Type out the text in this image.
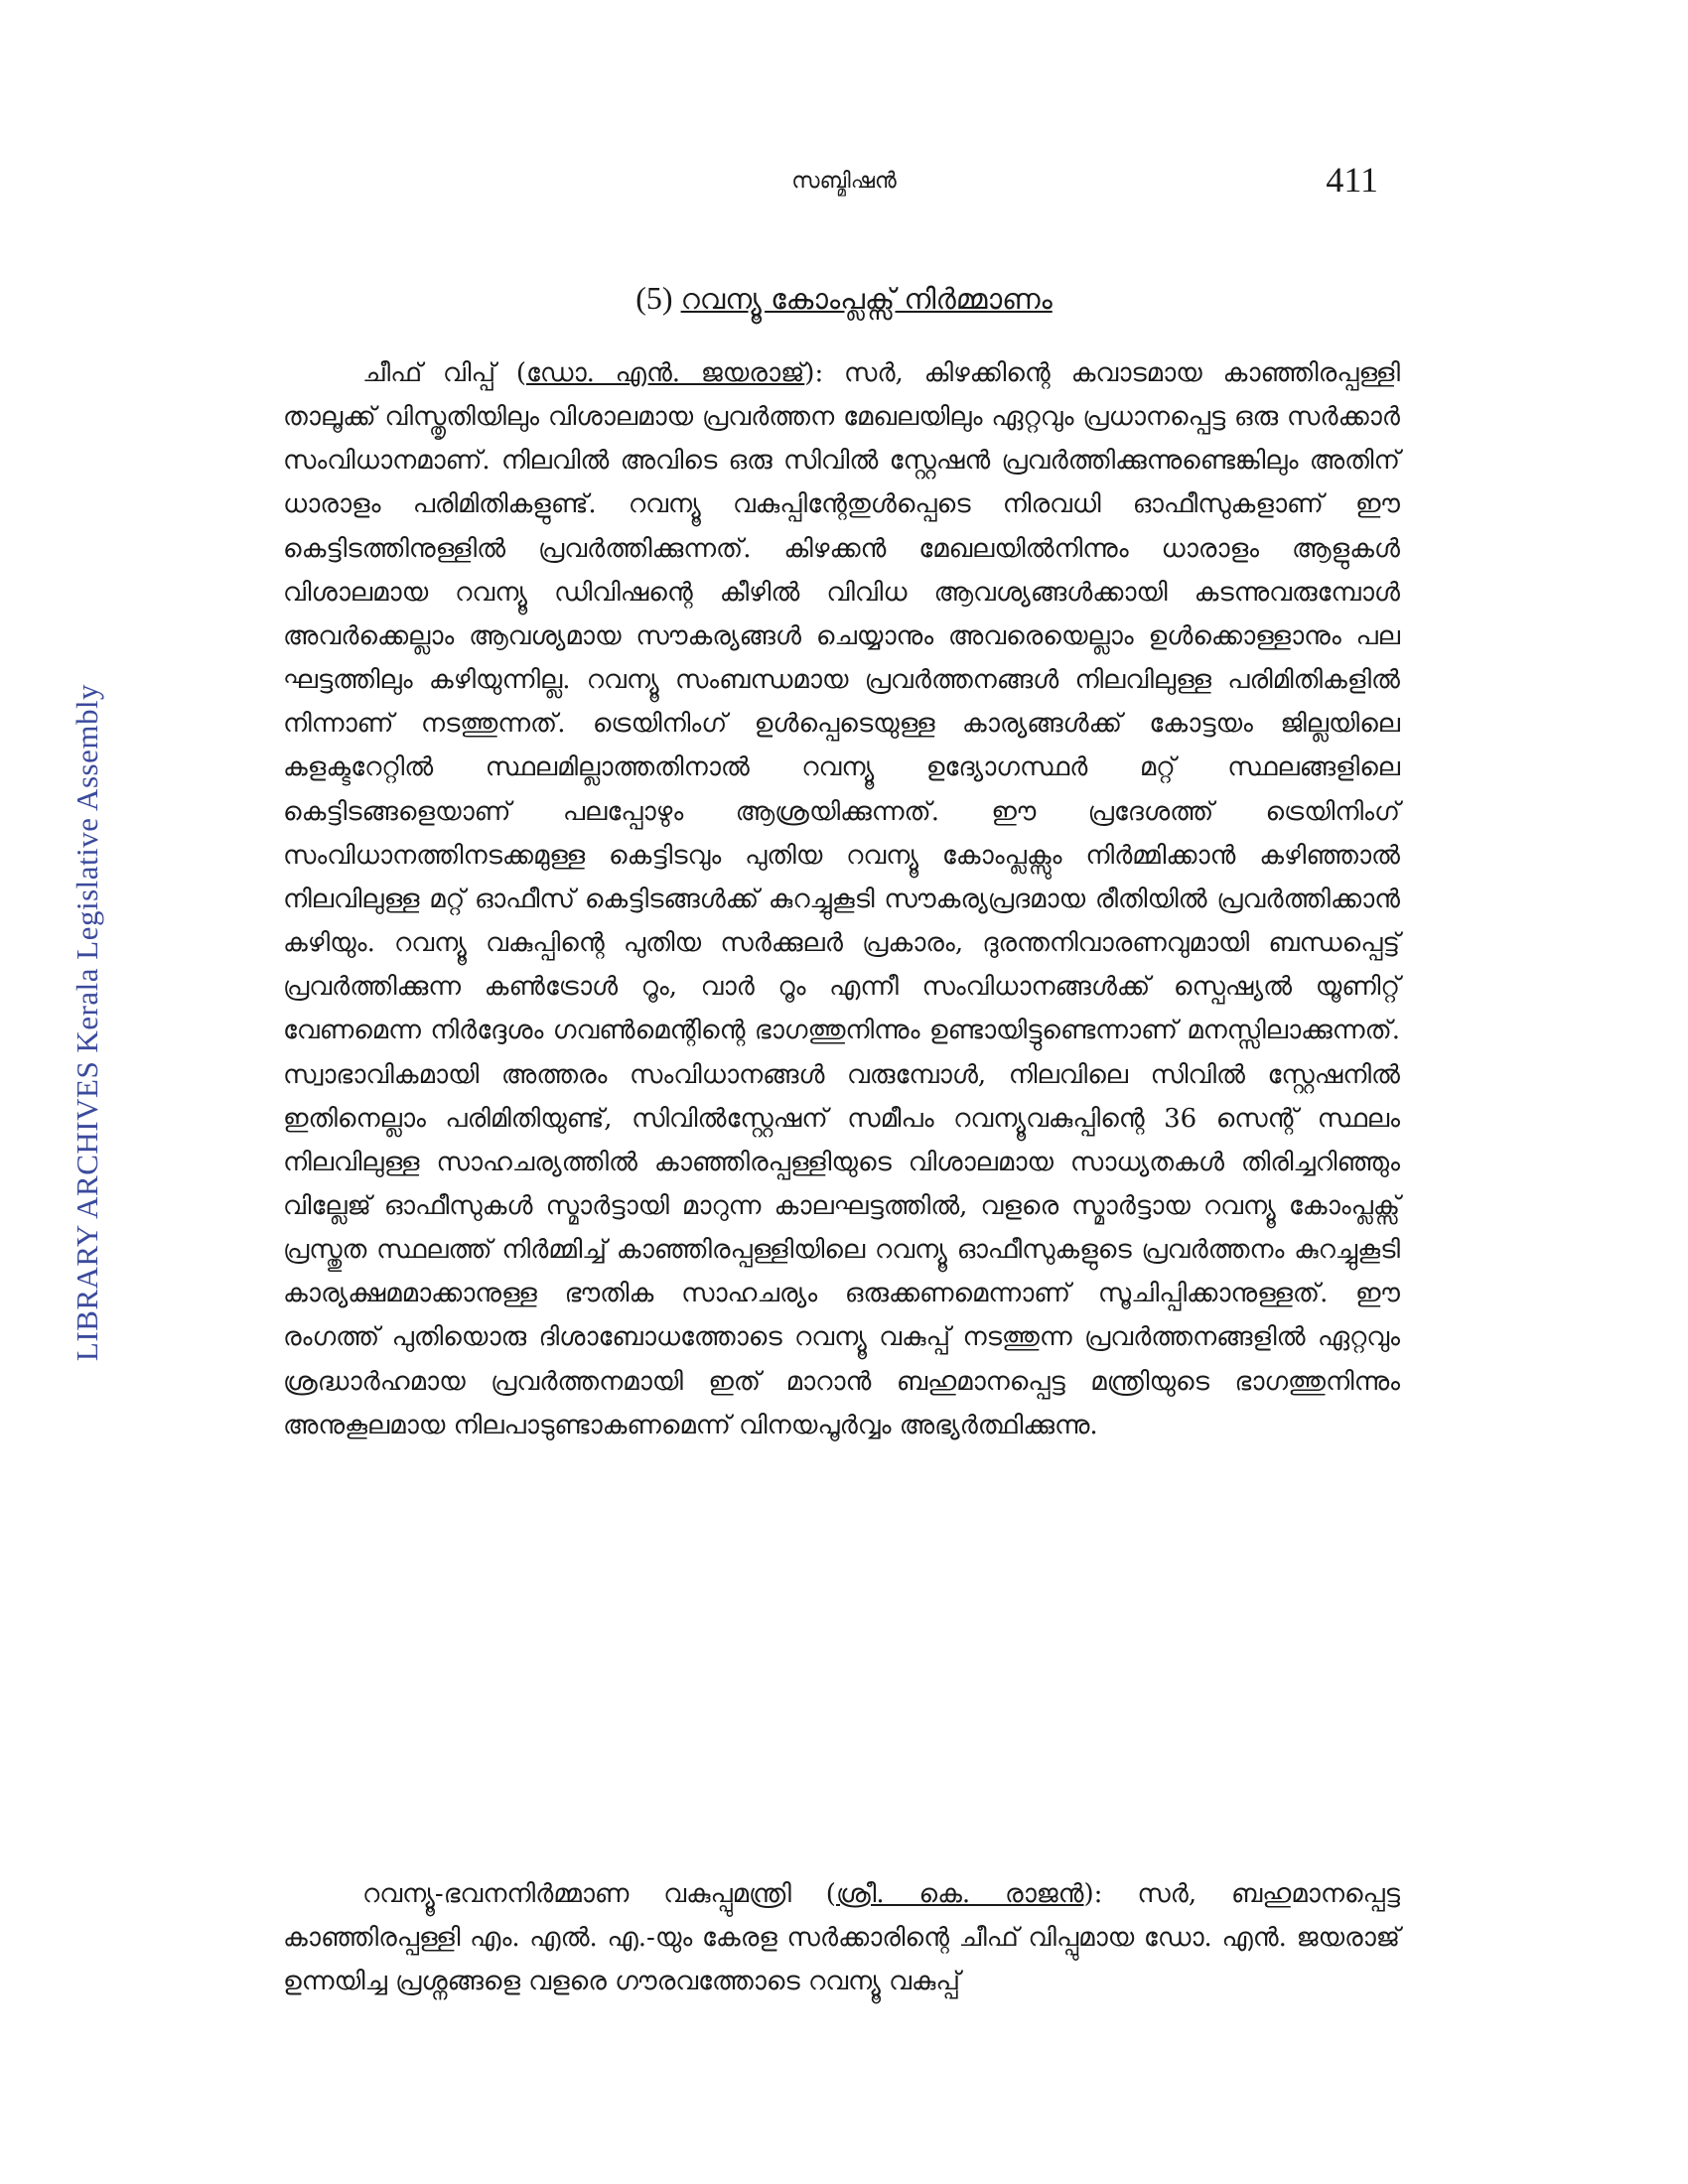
LIBRARY ARCHIVES Kerala Legislative Assembly
സബ്മിഷൻ	411
(5) റവന്യൂ കോംപ്ലക്സ് നിർമ്മാണം

ചീഫ് വിപ്പ് (ഡോ. എൻ. ജയരാജ്): സർ, കിഴക്കിന്റെ കവാടമായ കാഞ്ഞിരപ്പള്ളി താലൂക്ക് വിസ്തൃതിയിലും വിശാലമായ പ്രവർത്തന മേഖലയിലും ഏറ്റവും പ്രധാനപ്പെട്ട ഒരു സർക്കാർ സംവിധാനമാണ്. നിലവിൽ അവിടെ ഒരു സിവിൽ സ്റ്റേഷൻ പ്രവർത്തിക്കുന്നുണ്ടെങ്കിലും അതിന് ധാരാളം പരിമിതികളുണ്ട്. റവന്യൂ വകുപ്പിന്റേതുൾപ്പെടെ നിരവധി ഓഫീസുകളാണ് ഈ കെട്ടിടത്തിനുള്ളിൽ പ്രവർത്തിക്കുന്നത്. കിഴക്കൻ മേഖലയിൽനിന്നും ധാരാളം ആളുകൾ വിശാലമായ റവന്യൂ ഡിവിഷന്റെ കീഴിൽ വിവിധ ആവശ്യങ്ങൾക്കായി കടന്നുവരുമ്പോൾ അവർക്കെല്ലാം ആവശ്യമായ സൗകര്യങ്ങൾ ചെയ്യാനും അവരെയെല്ലാം ഉൾക്കൊള്ളാനും പല ഘട്ടത്തിലും കഴിയുന്നില്ല. റവന്യൂ സംബന്ധമായ പ്രവർത്തനങ്ങൾ നിലവിലുള്ള പരിമിതികളിൽ നിന്നാണ് നടത്തുന്നത്. ട്രെയിനിംഗ് ഉൾപ്പെടെയുള്ള കാര്യങ്ങൾക്ക് കോട്ടയം ജില്ലയിലെ കളക്ടറേറ്റിൽ സ്ഥലമില്ലാത്തതിനാൽ റവന്യൂ ഉദ്യോഗസ്ഥർ മറ്റ് സ്ഥലങ്ങളിലെ കെട്ടിടങ്ങളെയാണ് പലപ്പോഴും ആശ്രയിക്കുന്നത്. ഈ പ്രദേശത്ത് ട്രെയിനിംഗ് സംവിധാനത്തിനടക്കമുള്ള കെട്ടിടവും പുതിയ റവന്യൂ കോംപ്ലക്സും നിർമ്മിക്കാൻ കഴിഞ്ഞാൽ നിലവിലുള്ള മറ്റ് ഓഫീസ് കെട്ടിടങ്ങൾക്ക് കുറച്ചുകൂടി സൗകര്യപ്രദമായ രീതിയിൽ പ്രവർത്തിക്കാൻ കഴിയും. റവന്യൂ വകുപ്പിന്റെ പുതിയ സർക്കുലർ പ്രകാരം, ദുരന്തനിവാരണവുമായി ബന്ധപ്പെട്ട് പ്രവർത്തിക്കുന്ന കൺട്രോൾ റൂം, വാർ റൂം എന്നീ സംവിധാനങ്ങൾക്ക് സ്പെഷ്യൽ യൂണിറ്റ് വേണമെന്ന നിർദ്ദേശം ഗവൺമെന്റിന്റെ ഭാഗത്തുനിന്നും ഉണ്ടായിട്ടുണ്ടെന്നാണ് മനസ്സിലാക്കുന്നത്. സ്വാഭാവികമായി അത്തരം സംവിധാനങ്ങൾ വരുമ്പോൾ, നിലവിലെ സിവിൽ സ്റ്റേഷനിൽ ഇതിനെല്ലാം പരിമിതിയുണ്ട്, സിവിൽസ്റ്റേഷന് സമീപം റവന്യൂവകുപ്പിന്റെ 36 സെന്റ് സ്ഥലം നിലവിലുള്ള സാഹചര്യത്തിൽ കാഞ്ഞിരപ്പള്ളിയുടെ വിശാലമായ സാധ്യതകൾ തിരിച്ചറിഞ്ഞും വില്ലേജ് ഓഫീസുകൾ സ്മാർട്ടായി മാറുന്ന കാലഘട്ടത്തിൽ, വളരെ സ്മാർട്ടായ റവന്യൂ കോംപ്ലക്സ് പ്രസ്തുത സ്ഥലത്ത് നിർമ്മിച്ച് കാഞ്ഞിരപ്പള്ളിയിലെ റവന്യൂ ഓഫീസുകളുടെ പ്രവർത്തനം കുറച്ചുകൂടി കാര്യക്ഷമമാക്കാനുള്ള ഭൗതിക സാഹചര്യം ഒരുക്കണമെന്നാണ് സൂചിപ്പിക്കാനുള്ളത്. ഈ രംഗത്ത് പുതിയൊരു ദിശാബോധത്തോടെ റവന്യൂ വകുപ്പ് നടത്തുന്ന പ്രവർത്തനങ്ങളിൽ ഏറ്റവും ശ്രദ്ധാർഹമായ പ്രവർത്തനമായി ഇത് മാറാൻ ബഹുമാനപ്പെട്ട മന്ത്രിയുടെ ഭാഗത്തുനിന്നും അനുകൂലമായ നിലപാടുണ്ടാകണമെന്ന് വിനയപൂർവ്വം അഭ്യർത്ഥിക്കുന്നു.

റവന്യൂ-ഭവനനിർമ്മാണ വകുപ്പുമന്ത്രി (ശ്രീ. കെ. രാജൻ): സർ, ബഹുമാനപ്പെട്ട കാഞ്ഞിരപ്പള്ളി എം. എൽ. എ.-യും കേരള സർക്കാരിന്റെ ചീഫ് വിപ്പുമായ ഡോ. എൻ. ജയരാജ് ഉന്നയിച്ച പ്രശ്നങ്ങളെ വളരെ ഗൗരവത്തോടെ റവന്യൂ വകുപ്പ്
